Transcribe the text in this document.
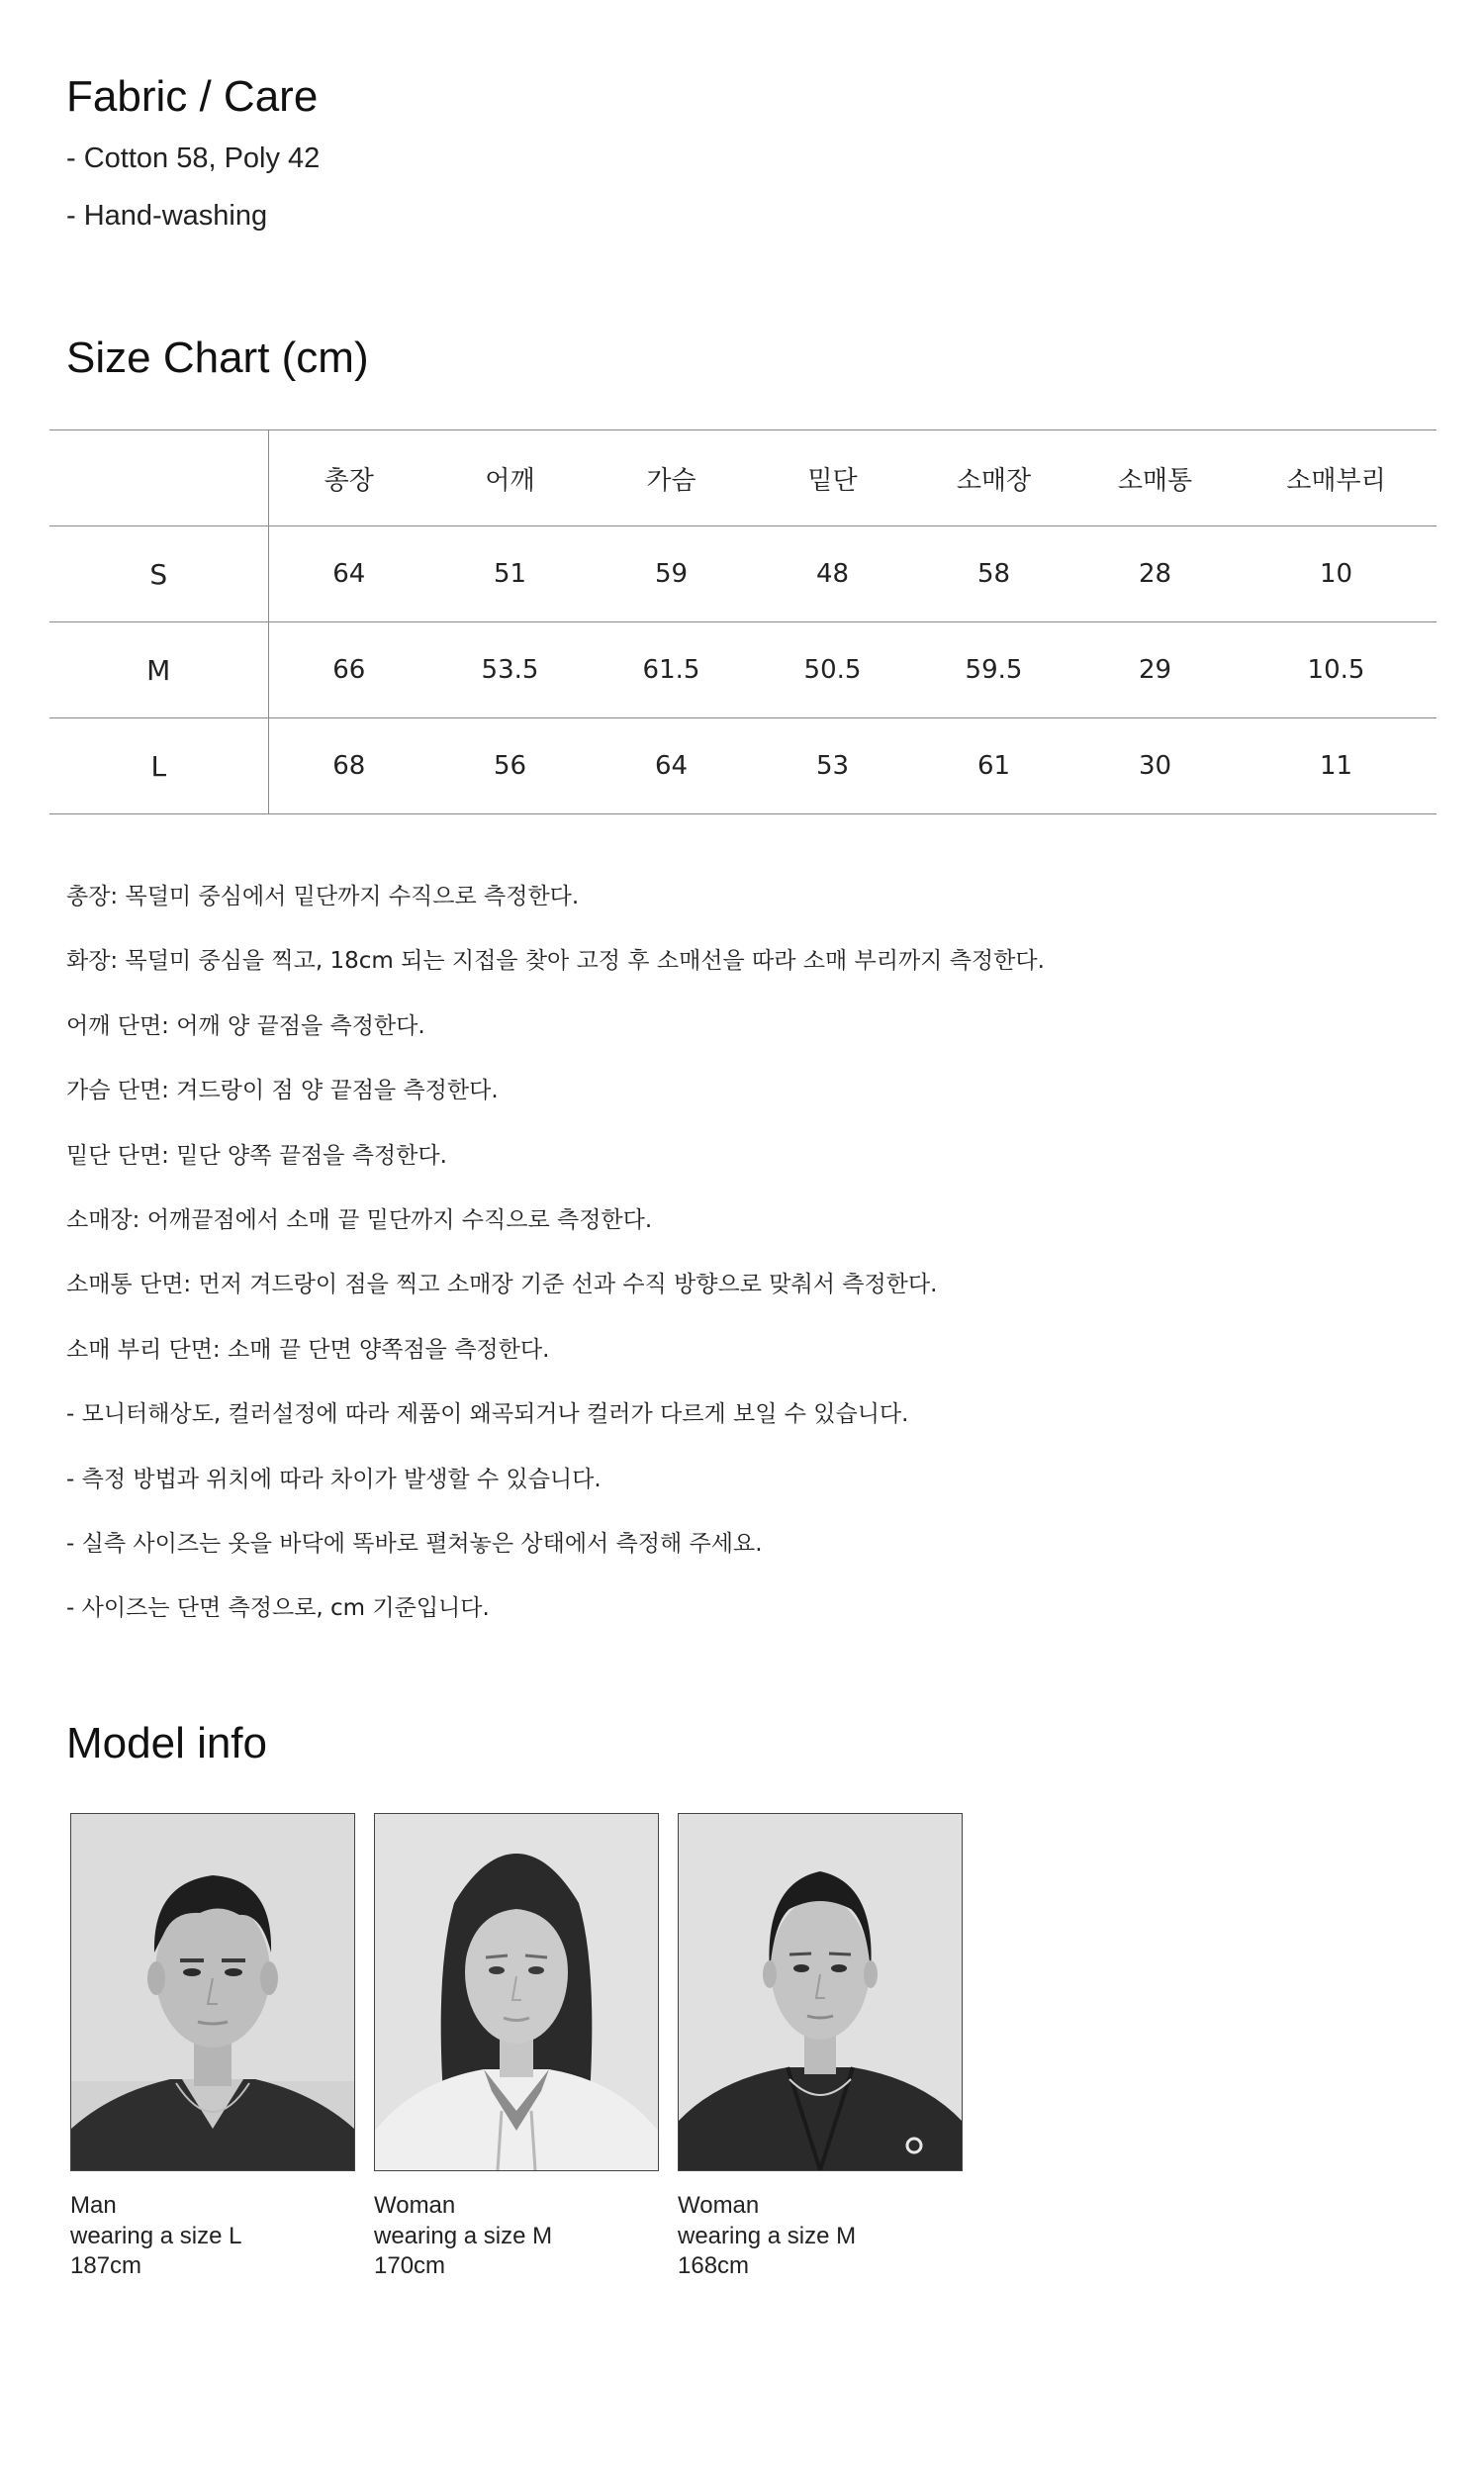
Fabric / Care

- Cotton 58, Poly 42

- Hand-washing

Size Chart (cm)
	총장	어깨	가슴	밑단	소매장	소매통	소매부리
S	64	51	59	48	58	28	10
M	66	53.5	61.5	50.5	59.5	29	10.5
L	68	56	64	53	61	30	11
총장: 목덜미 중심에서 밑단까지 수직으로 측정한다.
화장: 목덜미 중심을 찍고, 18cm 되는 지접을 찾아 고정 후 소매선을 따라 소매 부리까지 측정한다.
어깨 단면: 어깨 양 끝점을 측정한다.
가슴 단면: 겨드랑이 점 양 끝점을 측정한다.
밑단 단면: 밑단 양쪽 끝점을 측정한다.
소매장: 어깨끝점에서 소매 끝 밑단까지 수직으로 측정한다.
소매통 단면: 먼저 겨드랑이 점을 찍고 소매장 기준 선과 수직 방향으로 맞춰서 측정한다.
소매 부리 단면: 소매 끝 단면 양쪽점을 측정한다.
- 모니터해상도, 컬러설정에 따라 제품이 왜곡되거나 컬러가 다르게 보일 수 있습니다.
- 측정 방법과 위치에 따라 차이가 발생할 수 있습니다.
- 실측 사이즈는 옷을 바닥에 똑바로 펼쳐놓은 상태에서 측정해 주세요.
- 사이즈는 단면 측정으로, cm 기준입니다.
Model info
Man
wearing a size L
187cm
Woman
wearing a size M
170cm
Woman
wearing a size M
168cm
